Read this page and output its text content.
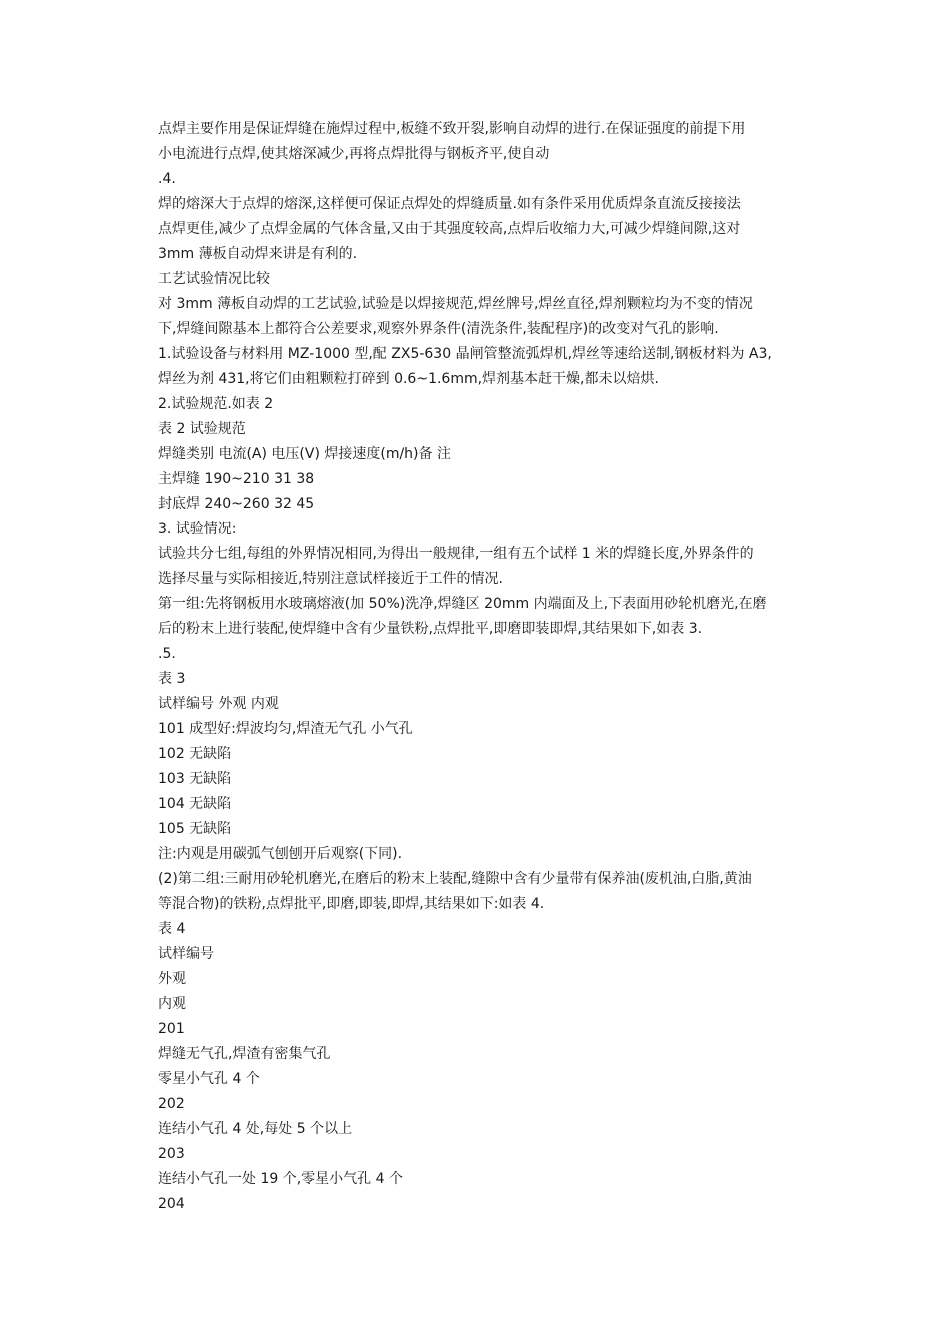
点焊主要作用是保证焊缝在施焊过程中,板缝不致开裂,影响自动焊的进行.在保证强度的前提下用
小电流进行点焊,使其熔深减少,再将点焊批得与钢板齐平,使自动
.4.
焊的熔深大于点焊的熔深,这样便可保证点焊处的焊缝质量.如有条件采用优质焊条直流反接接法
点焊更佳,减少了点焊金属的气体含量,又由于其强度较高,点焊后收缩力大,可减少焊缝间隙,这对
3mm 薄板自动焊来讲是有利的.
工艺试验情况比较
对 3mm 薄板自动焊的工艺试验,试验是以焊接规范,焊丝牌号,焊丝直径,焊剂颗粒均为不变的情况
下,焊缝间隙基本上都符合公差要求,观察外界条件(清洗条件,装配程序)的改变对气孔的影响.
1.试验设备与材料用 MZ-1000 型,配 ZX5-630 晶闸管整流弧焊机,焊丝等速给送制,钢板材料为 A3,
焊丝为剂 431,将它们由粗颗粒打碎到 0.6~1.6mm,焊剂基本赶干燥,都未以焙烘.
2.试验规范.如表 2
表 2 试验规范
焊缝类别 电流(A) 电压(V) 焊接速度(m/h)备 注
主焊缝 190~210 31 38
封底焊 240~260 32 45
3. 试验情况:
试验共分七组,每组的外界情况相同,为得出一般规律,一组有五个试样 1 米的焊缝长度,外界条件的
选择尽量与实际相接近,特别注意试样接近于工件的情况.
第一组:先将钢板用水玻璃熔液(加 50%)洗净,焊缝区 20mm 内端面及上,下表面用砂轮机磨光,在磨
后的粉末上进行装配,使焊缝中含有少量铁粉,点焊批平,即磨即装即焊,其结果如下,如表 3.
.5.
表 3
试样编号 外观 内观
101 成型好:焊波均匀,焊渣无气孔 小气孔
102 无缺陷
103 无缺陷
104 无缺陷
105 无缺陷
注:内观是用碳弧气刨刨开后观察(下同).
(2)第二组:三耐用砂轮机磨光,在磨后的粉末上装配,缝隙中含有少量带有保养油(废机油,白脂,黄油
等混合物)的铁粉,点焊批平,即磨,即装,即焊,其结果如下:如表 4.
表 4
试样编号
外观
内观
201
焊缝无气孔,焊渣有密集气孔
零星小气孔 4 个
202
连结小气孔 4 处,每处 5 个以上
203
连结小气孔一处 19 个,零星小气孔 4 个
204
